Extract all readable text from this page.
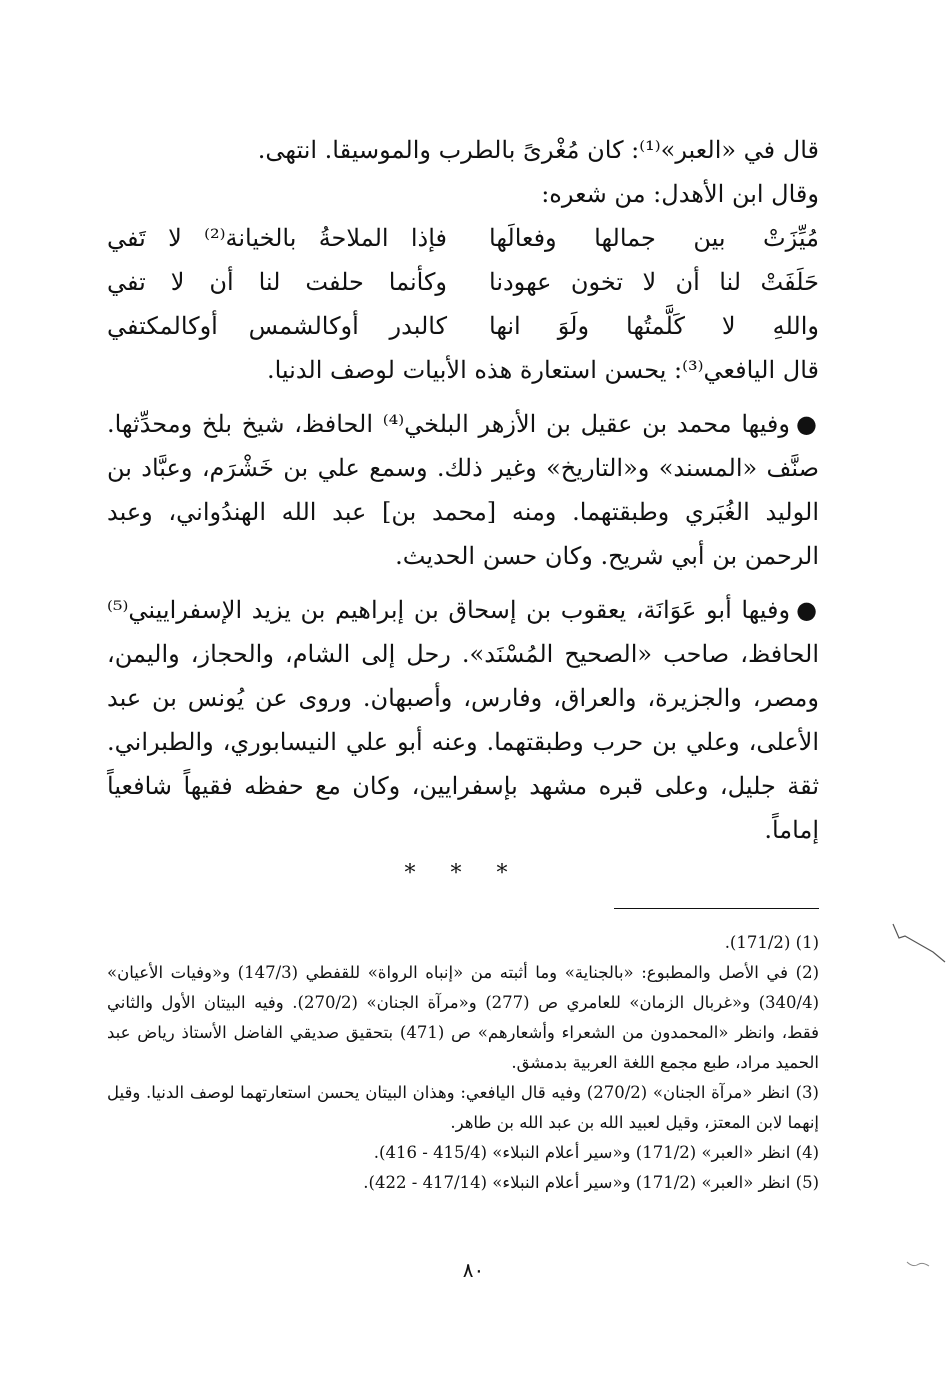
قال في «العبر»⁽¹⁾: كان مُغْرىً بالطرب والموسيقا. انتهى.

وقال ابن الأهدل: من شعره:

مُيِّزَتْ بين جمالها وفعالَها
فإذا الملاحةُ بالخيانة⁽²⁾ لا تَفي
حَلَفَتْ لنا أن لا تخون عهودنا
وكأنما حلفت لنا أن لا تفي
واللهِ لا كَلَّمتُها ولَوَ انها
كالبدر أوكالشمس أوكالمكتفي

قال اليافعي⁽³⁾: يحسن استعارة هذه الأبيات لوصف الدنيا.

●وفيها محمد بن عقيل بن الأزهر البلخي⁽⁴⁾ الحافظ، شيخ بلخ ومحدِّثها. صنَّف «المسند» و«التاريخ» وغير ذلك. وسمع علي بن خَشْرَم، وعبَّاد بن الوليد الغُبَري وطبقتهما. ومنه [محمد بن] عبد الله الهندُواني، وعبد الرحمن بن أبي شريح. وكان حسن الحديث.

●وفيها أبو عَوَانَة، يعقوب بن إسحاق بن إبراهيم بن يزيد الإسفراييني⁽⁵⁾ الحافظ، صاحب «الصحيح المُسْنَد». رحل إلى الشام، والحجاز، واليمن، ومصر، والجزيرة، والعراق، وفارس، وأصبهان. وروى عن يُونس بن عبد الأعلى، وعلي بن حرب وطبقتهما. وعنه أبو علي النيسابوري، والطبراني. ثقة جليل، وعلى قبره مشهد بإسفرايين، وكان مع حفظه فقيهاً شافعياً إماماً.

* * *

(1) (171/2).

(2) في الأصل والمطبوع: «بالجناية» وما أثبته من «إنباه الرواة» للقفطي (147/3) و«وفيات الأعيان» (340/4) و«غربال الزمان» للعامري ص (277) و«مرآة الجنان» (270/2). وفيه البيتان الأول والثاني فقط، وانظر «المحمدون من الشعراء وأشعارهم» ص (471) بتحقيق صديقي الفاضل الأستاذ رياض عبد الحميد مراد، طبع مجمع اللغة العربية بدمشق.

(3) انظر «مرآة الجنان» (270/2) وفيه قال اليافعي: وهذان البيتان يحسن استعارتهما لوصف الدنيا. وقيل إنهما لابن المعتز، وقيل لعبيد الله بن عبد الله بن طاهر.

(4) انظر «العبر» (171/2) و«سير أعلام النبلاء» (415/4 - 416).

(5) انظر «العبر» (171/2) و«سير أعلام النبلاء» (417/14 - 422).

٨٠
